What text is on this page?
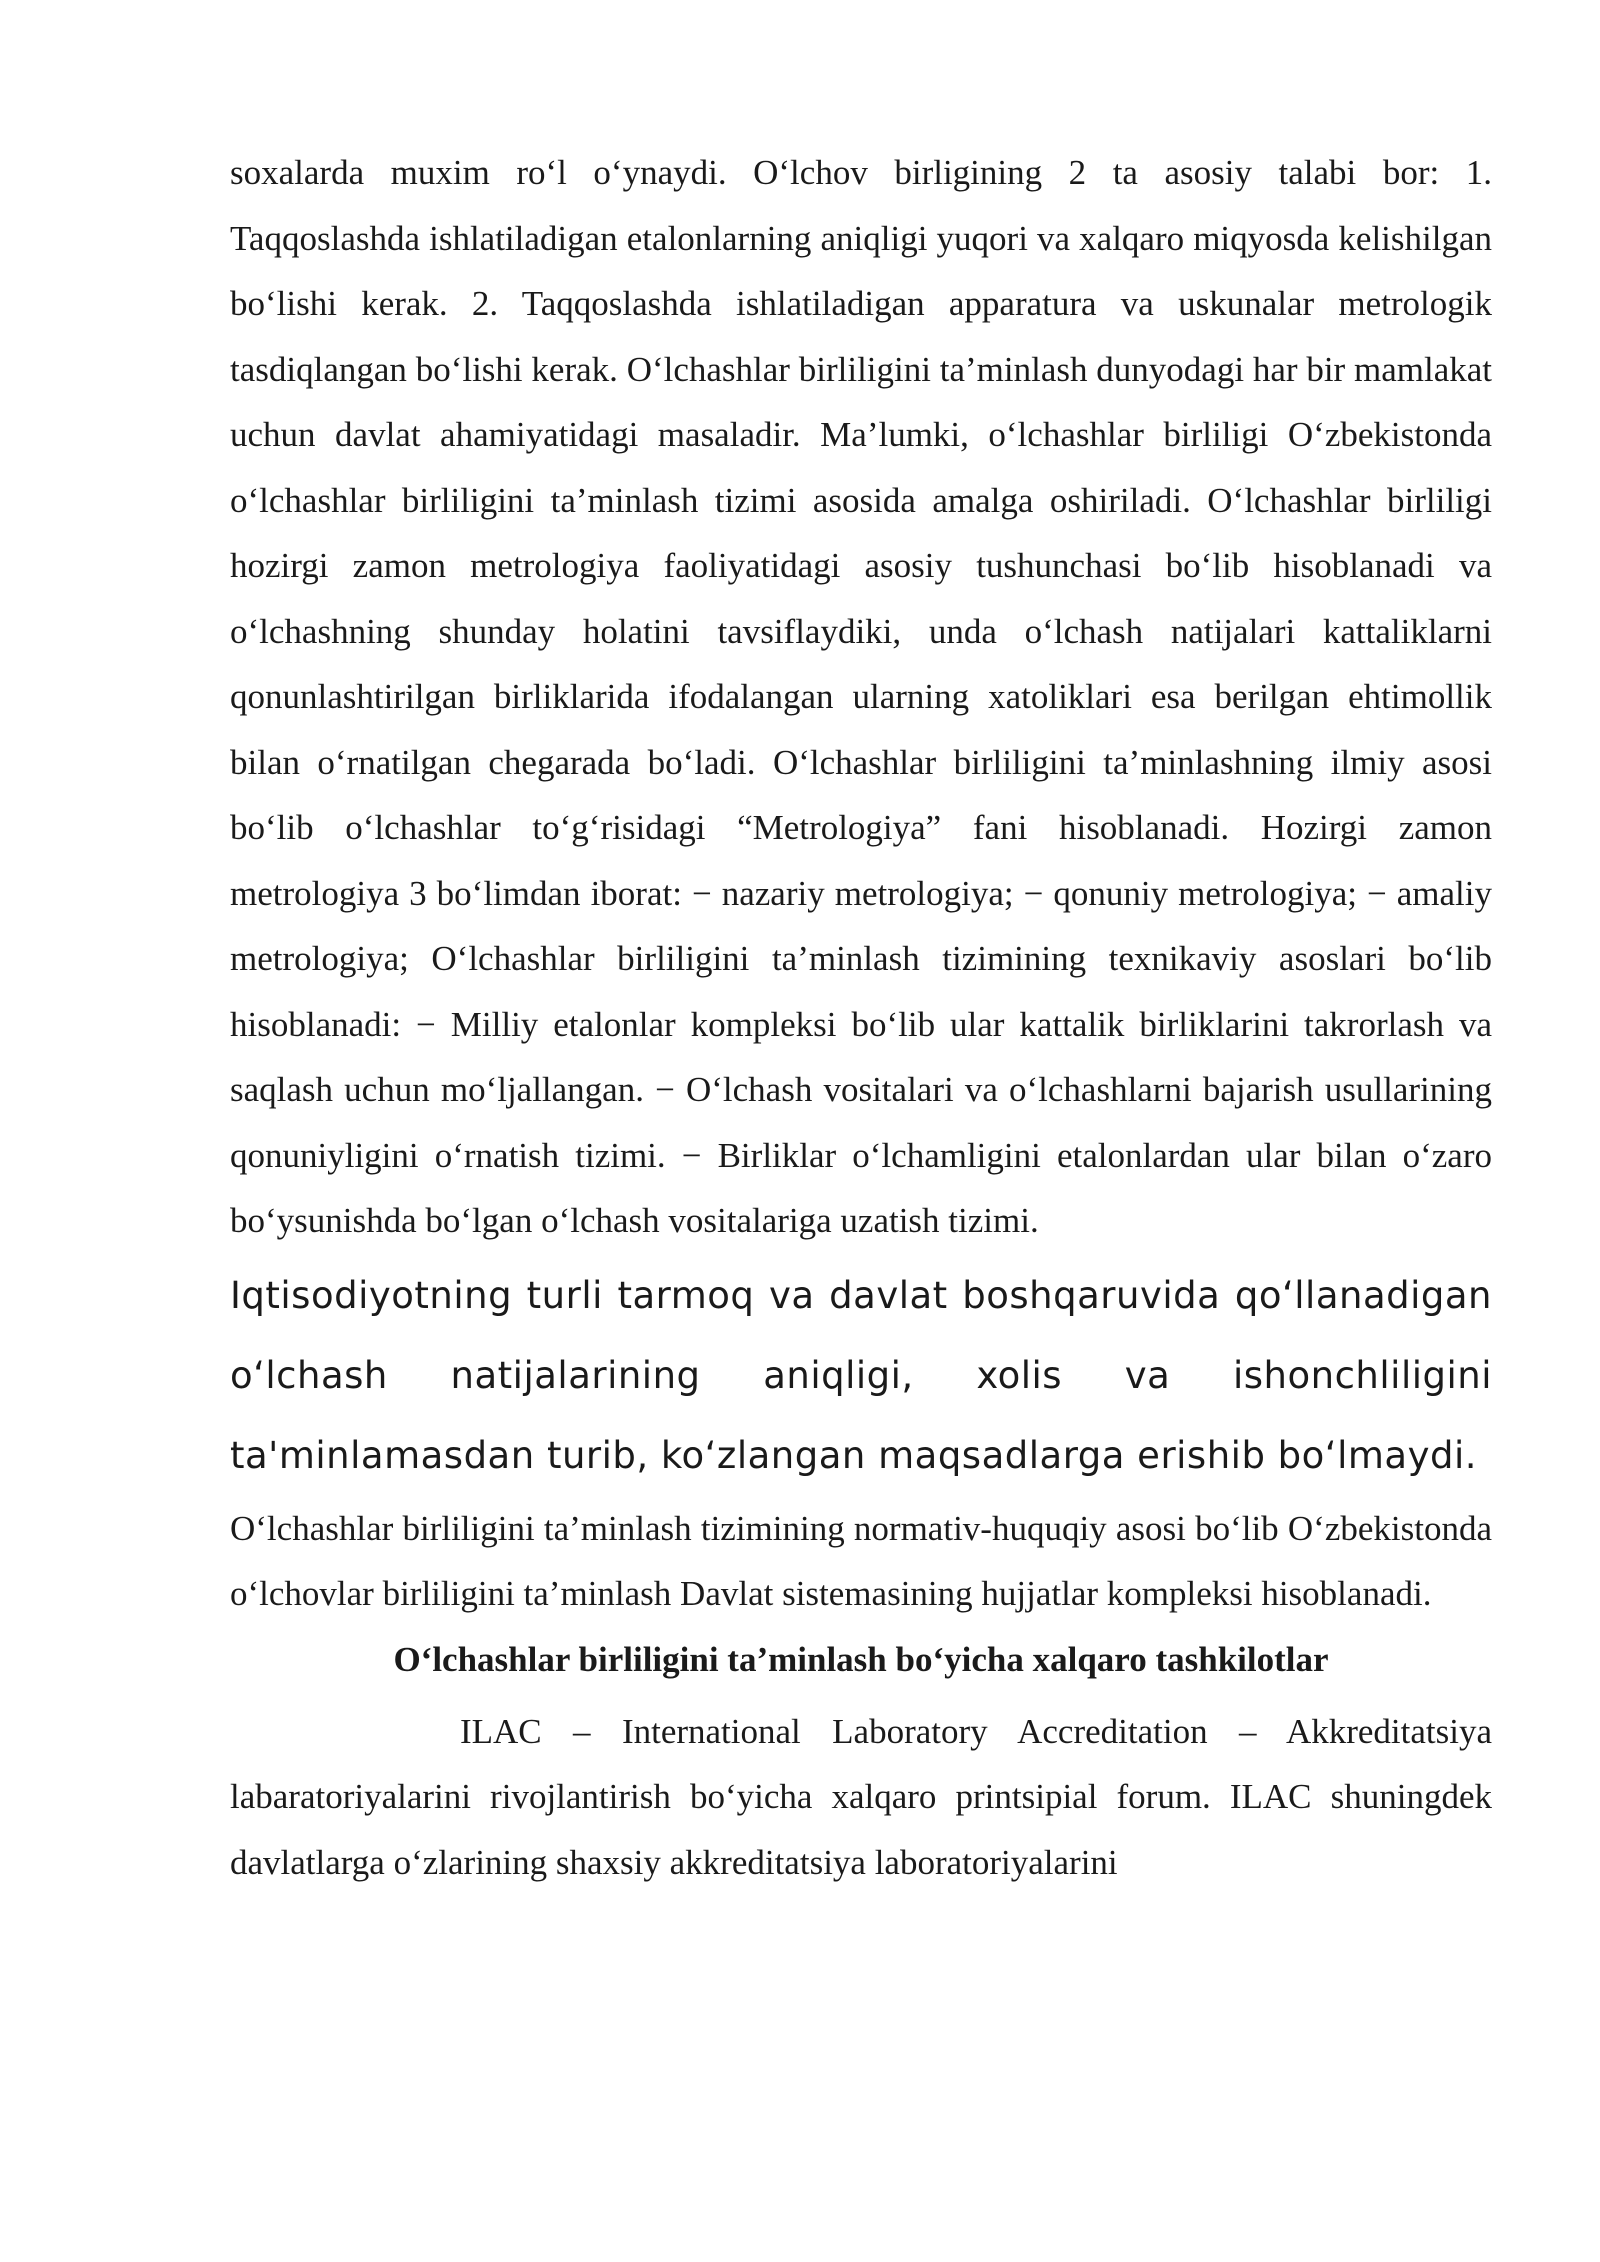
soxalarda muxim ro‘l o‘ynaydi. O‘lchov birligining 2 ta asosiy talabi bor: 1. Taqqoslashda ishlatiladigan etalonlarning aniqligi yuqori va xalqaro miqyosda kelishilgan bo‘lishi kerak. 2. Taqqoslashda ishlatiladigan apparatura va uskunalar metrologik tasdiqlangan bo‘lishi kerak. O‘lchashlar birliligini ta’minlash dunyodagi har bir mamlakat uchun davlat ahamiyatidagi masaladir. Ma’lumki, o‘lchashlar birliligi O‘zbekistonda o‘lchashlar birliligini ta’minlash tizimi asosida amalga oshiriladi. O‘lchashlar birliligi hozirgi zamon metrologiya faoliyatidagi asosiy tushunchasi bo‘lib hisoblanadi va o‘lchashning shunday holatini tavsiflaydiki, unda o‘lchash natijalari kattaliklarni qonunlashtirilgan birliklarida ifodalangan ularning xatoliklari esa berilgan ehtimollik bilan o‘rnatilgan chegarada bo‘ladi. O‘lchashlar birliligini ta’minlashning ilmiy asosi bo‘lib o‘lchashlar to‘g‘risidagi “Metrologiya” fani hisoblanadi. Hozirgi zamon metrologiya 3 bo‘limdan iborat: − nazariy metrologiya; − qonuniy metrologiya; − amaliy metrologiya; O‘lchashlar birliligini ta’minlash tizimining texnikaviy asoslari bo‘lib hisoblanadi: − Milliy etalonlar kompleksi bo‘lib ular kattalik birliklarini takrorlash va saqlash uchun mo‘ljallangan. − O‘lchash vositalari va o‘lchashlarni bajarish usullarining qonuniyligini o‘rnatish tizimi. − Birliklar o‘lchamligini etalonlardan ular bilan o‘zaro bo‘ysunishda bo‘lgan o‘lchash vositalariga uzatish tizimi.

Iqtisodiyotning turli tarmoq va davlat boshqaruvida qo‘llanadigan o‘lchash natijalarining aniqligi, xolis va ishonchliligini ta'minlamasdan turib, ko‘zlangan maqsadlarga erishib bo‘lmaydi.

O‘lchashlar birliligini ta’minlash tizimining normativ-huquqiy asosi bo‘lib O‘zbekistonda o‘lchovlar birliligini ta’minlash Davlat sistemasining hujjatlar kompleksi hisoblanadi.

O‘lchashlar birliligini ta’minlash bo‘yicha xalqaro tashkilotlar

ILAC – International Laboratory Accreditation – Akkreditatsiya labaratoriyalarini rivojlantirish bo‘yicha xalqaro printsipial forum. ILAC shuningdek davlatlarga o‘zlarining shaxsiy akkreditatsiya laboratoriyalarini
